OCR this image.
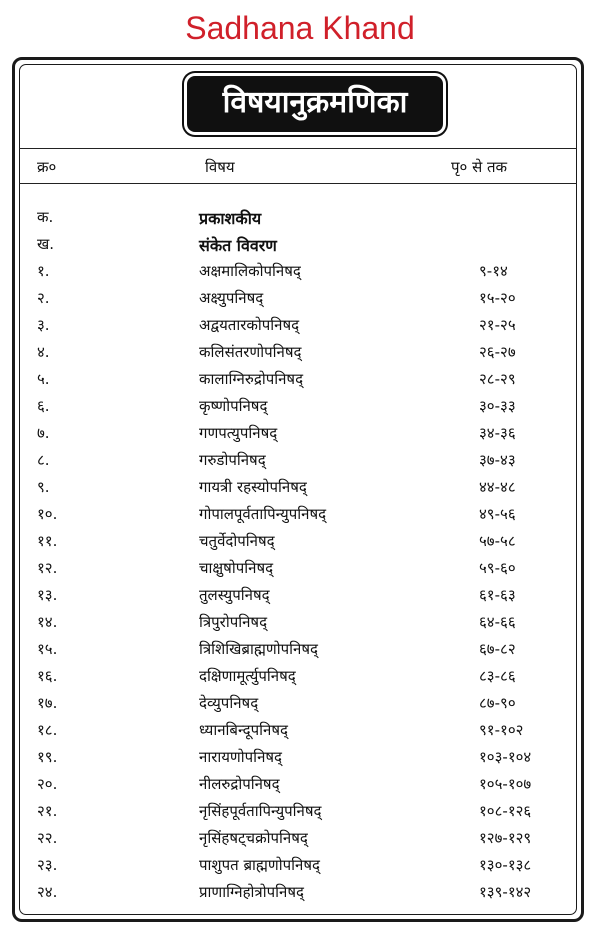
Sadhana Khand
विषयानुक्रमणिका
क्र०	विषय	पृ० से तक
क.	प्रकाशकीय
ख.	संकेत विवरण
१.	अक्षमालिकोपनिषद्	९-१४
२.	अक्ष्युपनिषद्	१५-२०
३.	अद्वयतारकोपनिषद्	२१-२५
४.	कलिसंतरणोपनिषद्	२६-२७
५.	कालाग्निरुद्रोपनिषद्	२८-२९
६.	कृष्णोपनिषद्	३०-३३
७.	गणपत्युपनिषद्	३४-३६
८.	गरुडोपनिषद्	३७-४३
९.	गायत्री रहस्योपनिषद्	४४-४८
१०.	गोपालपूर्वतापिन्युपनिषद्	४९-५६
११.	चतुर्वेदोपनिषद्	५७-५८
१२.	चाक्षुषोपनिषद्	५९-६०
१३.	तुलस्युपनिषद्	६१-६३
१४.	त्रिपुरोपनिषद्	६४-६६
१५.	त्रिशिखिब्राह्मणोपनिषद्	६७-८२
१६.	दक्षिणामूर्त्युपनिषद्	८३-८६
१७.	देव्युपनिषद्	८७-९०
१८.	ध्यानबिन्दूपनिषद्	९१-१०२
१९.	नारायणोपनिषद्	१०३-१०४
२०.	नीलरुद्रोपनिषद्	१०५-१०७
२१.	नृसिंहपूर्वतापिन्युपनिषद्	१०८-१२६
२२.	नृसिंहषट्चक्रोपनिषद्	१२७-१२९
२३.	पाशुपत ब्राह्मणोपनिषद्	१३०-१३८
२४.	प्राणाग्निहोत्रोपनिषद्	१३९-१४२
